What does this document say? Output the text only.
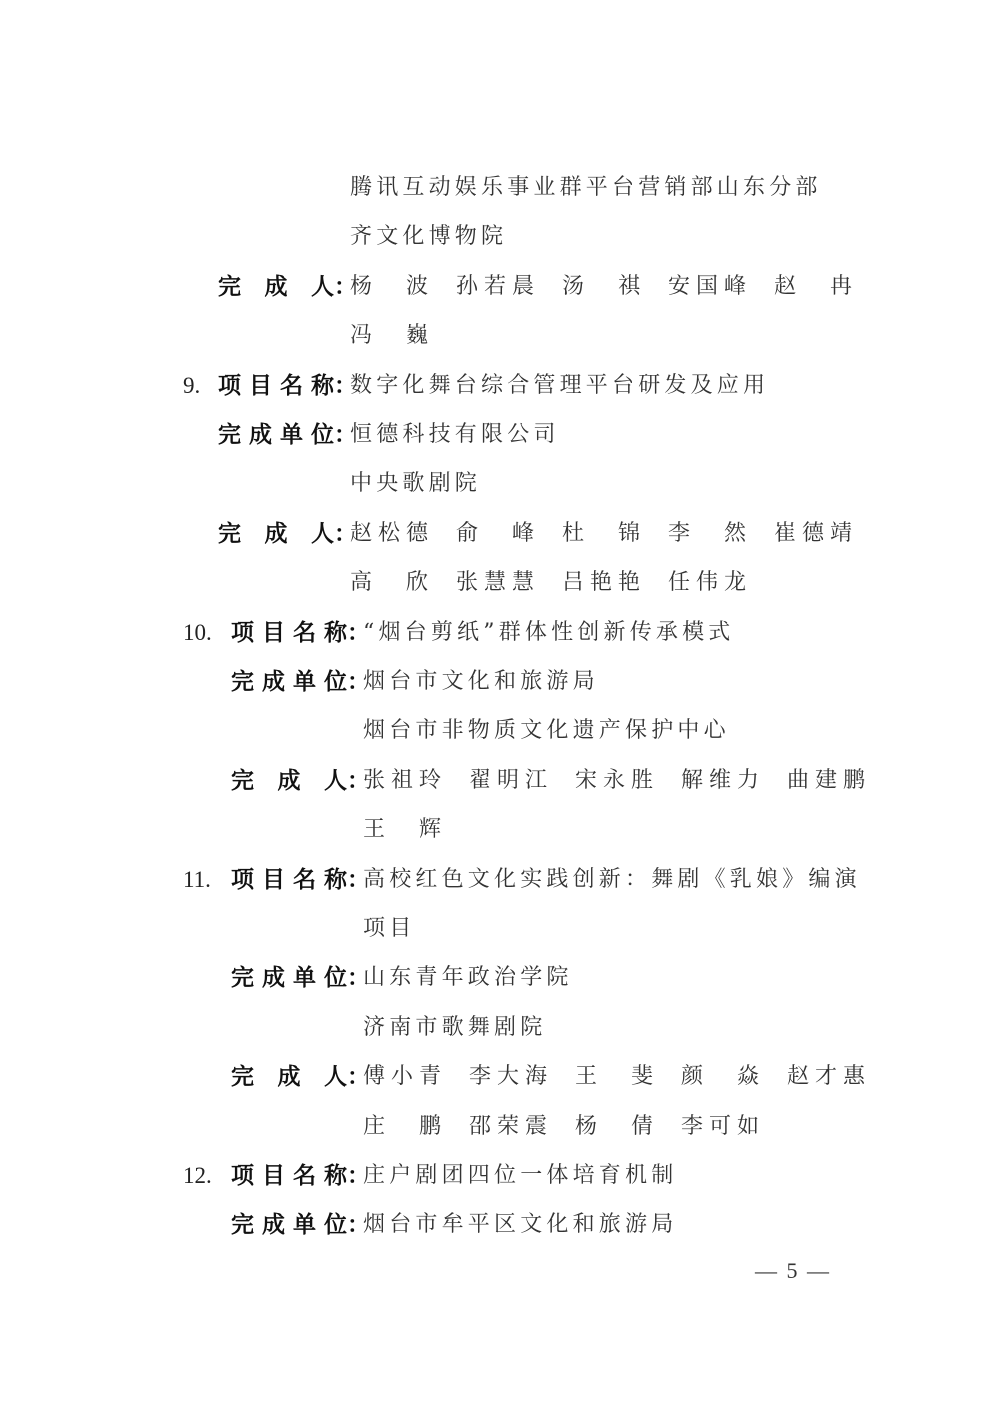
— 5 —
腾讯互动娱乐事业群平台营销部山东分部
齐文化博物院
完成人：
杨波 孙若晨 汤祺 安国峰 赵冉
冯巍
9. 项目名称：
数字化舞台综合管理平台研发及应用
完成单位：
恒德科技有限公司
中央歌剧院
完成人：
赵松德 俞峰 杜锦 李然 崔德靖
高欣 张慧慧 吕艳艳 任伟龙
10. 项目名称：
“烟台剪纸”群体性创新传承模式
完成单位：
烟台市文化和旅游局
烟台市非物质文化遗产保护中心
完成人：
张祖玲 翟明江 宋永胜 解维力 曲建鹏
王辉
11. 项目名称：
高校红色文化实践创新：舞剧《乳娘》编演
项目
完成单位：
山东青年政治学院
济南市歌舞剧院
完成人：
傅小青 李大海 王斐 颜焱 赵才惠
庄鹏 邵荣震 杨倩 李可如
12. 项目名称：
庄户剧团四位一体培育机制
完成单位：
烟台市牟平区文化和旅游局
